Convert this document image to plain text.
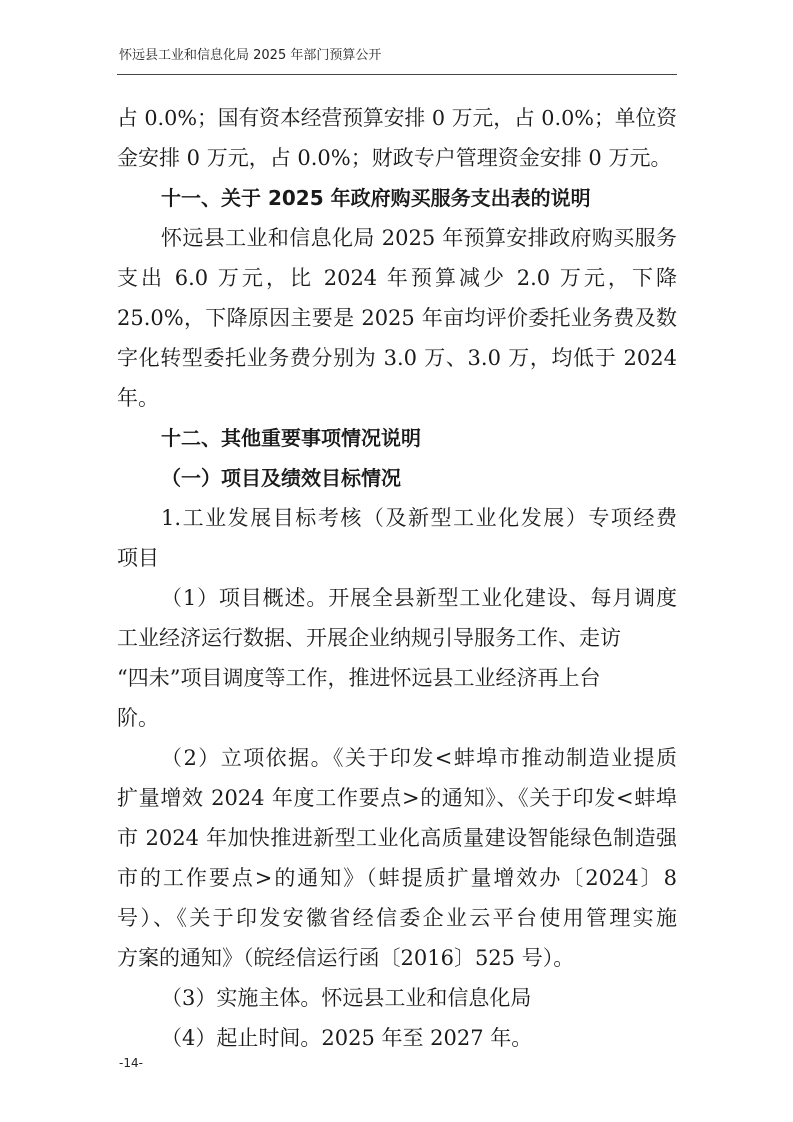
怀远县工业和信息化局 2025 年部门预算公开
占 0.0%；国有资本经营预算安排 0 万元，占 0.0%；单位资
金安排 0 万元，占 0.0%；财政专户管理资金安排 0 万元。
十一、关于 2025 年政府购买服务支出表的说明
怀远县工业和信息化局 2025 年预算安排政府购买服务
支出 6.0 万元，比 2024 年预算减少 2.0 万元，下降
25.0%，下降原因主要是 2025 年亩均评价委托业务费及数
字化转型委托业务费分别为 3.0 万、3.0 万，均低于 2024
年。
十二、其他重要事项情况说明
（一）项目及绩效目标情况
1.工业发展目标考核（及新型工业化发展）专项经费
项目
（1）项目概述。开展全县新型工业化建设、每月调度
工业经济运行数据、开展企业纳规引导服务工作、走访
“四未”项目调度等工作，推进怀远县工业经济再上台
阶。
（2）立项依据。《关于印发<蚌埠市推动制造业提质
扩量增效 2024 年度工作要点>的通知》、《关于印发<蚌埠
市 2024 年加快推进新型工业化高质量建设智能绿色制造强
市的工作要点>的通知》（蚌提质扩量增效办〔2024〕8
号）、《关于印发安徽省经信委企业云平台使用管理实施
方案的通知》（皖经信运行函〔2016〕525 号）。
（3）实施主体。怀远县工业和信息化局
（4）起止时间。2025 年至 2027 年。
-14-
